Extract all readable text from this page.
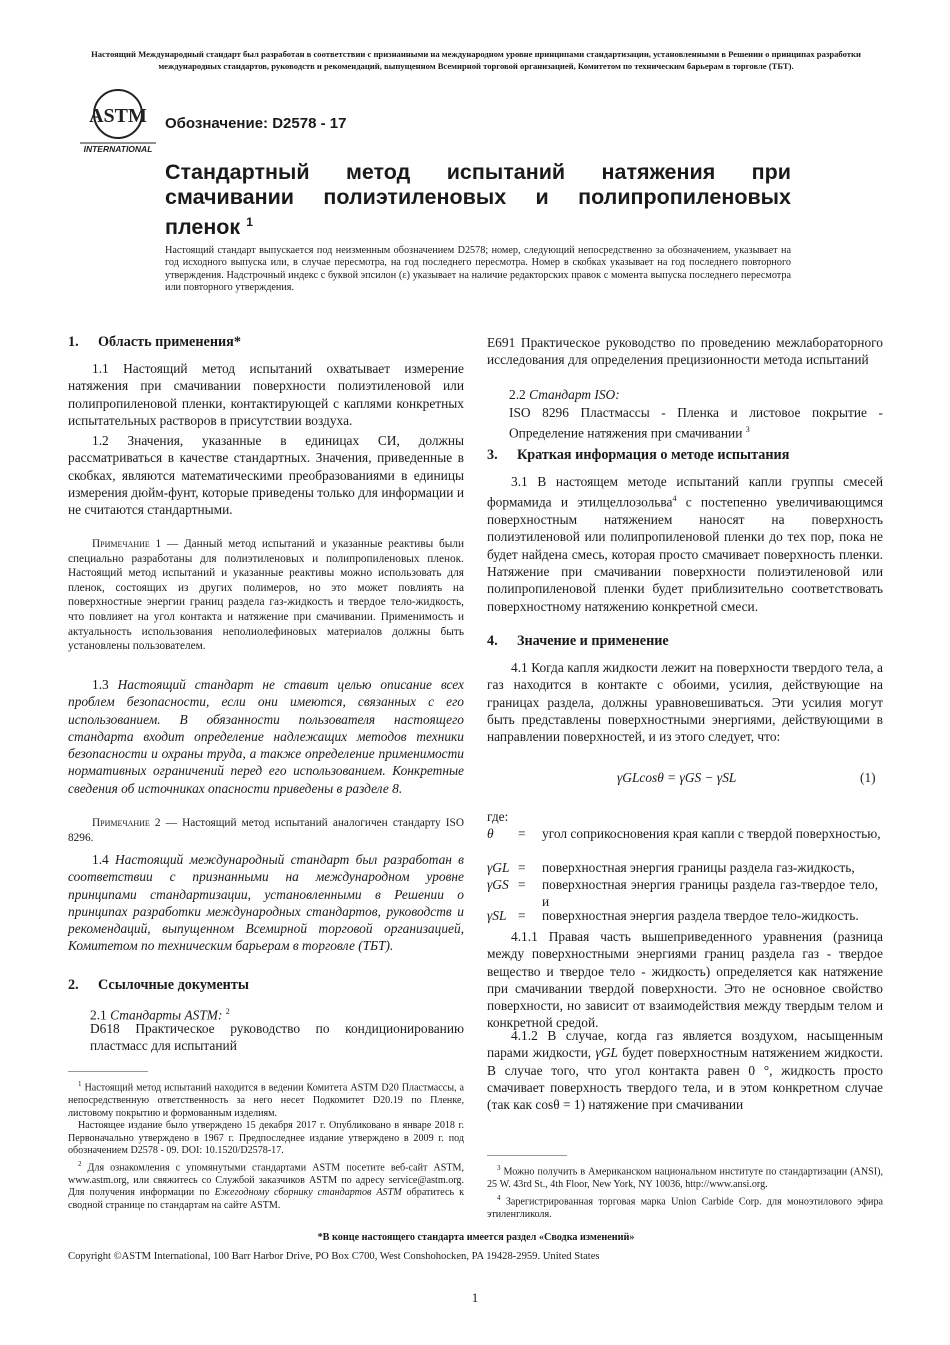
Настоящий Международный стандарт был разработан в соответствии с признанными на международном уровне принципами стандартизации, установленными в Решении о принципах разработки международных стандартов, руководств и рекомендаций, выпущенном Всемирной торговой организацией, Комитетом по техническим барьерам в торговле (ТБТ).
ASTM
INTERNATIONAL
Обозначение: D2578 - 17
Стандартный метод испытаний натяжения при смачивании полиэтиленовых и полипропиленовых пленок $^1$
Настоящий стандарт выпускается под неизменным обозначением D2578; номер, следующий непосредственно за обозначением, указывает на год исходного выпуска или, в случае пересмотра, на год последнего пересмотра. Номер в скобках указывает на год последнего повторного утверждения. Надстрочный индекс с буквой эпсилон (ε) указывает на наличие редакторских правок с момента выпуска последнего пересмотра или повторного утверждения.
1. Область применения*
1.1 Настоящий метод испытаний охватывает измерение натяжения при смачивании поверхности полиэтиленовой или полипропиленовой пленки, контактирующей с каплями конкретных испытательных растворов в присутствии воздуха.
1.2 Значения, указанные в единицах СИ, должны рассматриваться в качестве стандартных. Значения, приведенные в скобках, являются математическими преобразованиями в единицы измерения дюйм-фунт, которые приведены только для информации и не считаются стандартными.
Примечание 1 — Данный метод испытаний и указанные реактивы были специально разработаны для полиэтиленовых и полипропиленовых пленок. Настоящий метод испытаний и указанные реактивы можно использовать для пленок, состоящих из других полимеров, но это может повлиять на поверхностные энергии границ раздела газ-жидкость и твердое тело-жидкость, что повлияет на угол контакта и натяжение при смачивании. Применимость и актуальность использования неполиолефиновых материалов должны быть установлены пользователем.
1.3 Настоящий стандарт не ставит целью описание всех проблем безопасности, если они имеются, связанных с его использованием. В обязанности пользователя настоящего стандарта входит определение надлежащих методов техники безопасности и охраны труда, а также определение применимости нормативных ограничений перед его использованием. Конкретные сведения об источниках опасности приведены в разделе 8.
Примечание 2 — Настоящий метод испытаний аналогичен стандарту ISO 8296.
1.4 Настоящий международный стандарт был разработан в соответствии с признанными на международном уровне принципами стандартизации, установленными в Решении о принципах разработки международных стандартов, руководств и рекомендаций, выпущенном Всемирной торговой организацией, Комитетом по техническим барьерам в торговле (ТБТ).
2. Ссылочные документы
2.1 Стандарты ASTM: $^2$
D618 Практическое руководство по кондиционированию пластмасс для испытаний
$^1$ Настоящий метод испытаний находится в ведении Комитета ASTM D20 Пластмассы, а непосредственную ответственность за него несет Подкомитет D20.19 по Пленке, листовому покрытию и формованным изделиям.
Настоящее издание было утверждено 15 декабря 2017 г. Опубликовано в январе 2018 г. Первоначально утверждено в 1967 г. Предпоследнее издание утверждено в 2009 г. под обозначением D2578 - 09. DOI: 10.1520/D2578-17.
$^2$ Для ознакомления с упомянутыми стандартами ASTM посетите веб-сайт ASTM, www.astm.org, или свяжитесь со Службой заказчиков ASTM по адресу service@astm.org. Для получения информации по Ежегодному сборнику стандартов ASTM обратитесь к сводной странице по стандартам на сайте ASTM.
E691 Практическое руководство по проведению межлабораторного исследования для определения прецизионности метода испытаний
2.2 Стандарт ISO:
ISO 8296 Пластмассы - Пленка и листовое покрытие - Определение натяжения при смачивании $^3$
3. Краткая информация о методе испытания
3.1 В настоящем методе испытаний капли группы смесей формамида и этилцеллозольва$^4$ с постепенно увеличивающимся поверхностным натяжением наносят на поверхность полиэтиленовой или полипропиленовой пленки до тех пор, пока не будет найдена смесь, которая просто смачивает поверхность пленки. Натяжение при смачивании поверхности полиэтиленовой или полипропиленовой пленки будет приблизительно соответствовать поверхностному натяжению конкретной смеси.
4. Значение и применение
4.1 Когда капля жидкости лежит на поверхности твердого тела, а газ находится в контакте с обоими, усилия, действующие на границах раздела, должны уравновешиваться. Эти усилия могут быть представлены поверхностными энергиями, действующими в направлении поверхностей, и из этого следует, что:
γGLcosθ = γGS − γSL	(1)
где:
θ = угол соприкосновения края капли с твердой поверхностью,
γGL = поверхностная энергия границы раздела газ-жидкость,
γGS = поверхностная энергия границы раздела газ-твердое тело, и
γSL = поверхностная энергия раздела твердое тело-жидкость.
4.1.1 Правая часть вышеприведенного уравнения (разница между поверхностными энергиями границ раздела газ - твердое вещество и твердое тело - жидкость) определяется как натяжение при смачивании твердой поверхности. Это не основное свойство поверхности, но зависит от взаимодействия между твердым телом и конкретной средой.
4.1.2 В случае, когда газ является воздухом, насыщенным парами жидкости, γGL будет поверхностным натяжением жидкости. В случае того, что угол контакта равен 0 °, жидкость просто смачивает поверхность твердого тела, и в этом конкретном случае (так как cosθ = 1) натяжение при смачивании
$^3$ Можно получить в Американском национальном институте по стандартизации (ANSI), 25 W. 43rd St., 4th Floor, New York, NY 10036, http://www.ansi.org.
$^4$ Зарегистрированная торговая марка Union Carbide Corp. для моноэтилового эфира этиленгликоля.
*В конце настоящего стандарта имеется раздел «Сводка изменений»
Copyright ©ASTM International, 100 Barr Harbor Drive, PO Box C700, West Conshohocken, PA 19428-2959. United States
1
